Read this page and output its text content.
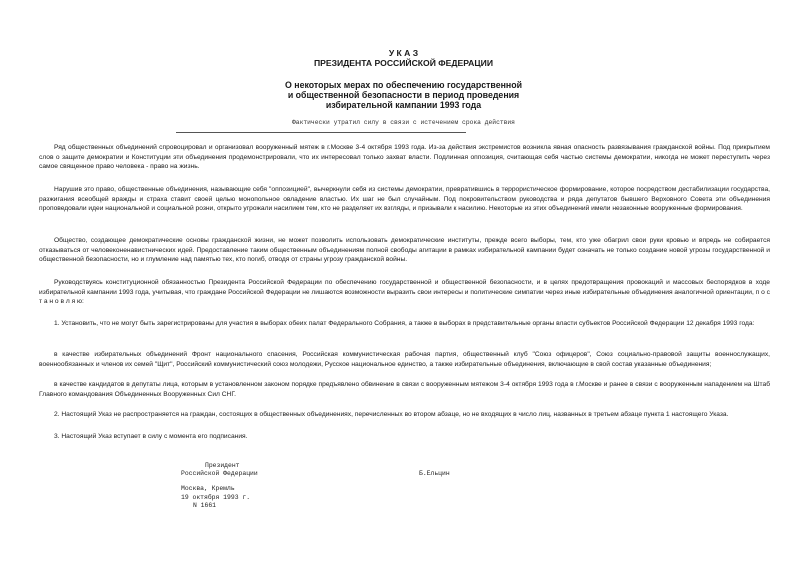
У К А З
ПРЕЗИДЕНТА РОССИЙСКОЙ ФЕДЕРАЦИИ
О некоторых мерах по обеспечению государственной
и общественной безопасности в период проведения
избирательной кампании 1993 года
Фактически утратил силу в связи с истечением срока действия

Ряд общественных объединений спровоцировал и организовал вооруженный мятеж в г.Москве 3-4 октября 1993 года. Из-за действия экстремистов возникла явная опасность развязывания гражданской войны. Под прикрытием слов о защите демократии и Конституции эти объединения продемонстрировали, что их интересовал только захват власти. Подлинная оппозиция, считающая себя частью системы демократии, никогда не может переступить через самое священное право человека - право на жизнь.

Нарушив это право, общественные объединения, называющие себя "оппозицией", вычеркнули себя из системы демократии, превратившись в террористическое формирование, которое посредством дестабилизации государства, разжигания всеобщей вражды и страха ставит своей целью монопольное овладение властью. Их шаг не был случайным. Под покровительством руководства и ряда депутатов бывшего Верховного Совета эти объединения проповедовали идеи национальной и социальной розни, открыто угрожали насилием тем, кто не разделяет их взгляды, и призывали к насилию. Некоторые из этих объединений имели незаконные вооруженные формирования.

Общество, создающее демократические основы гражданской жизни, не может позволить использовать демократические институты, прежде всего выборы, тем, кто уже обагрил свои руки кровью и впредь не собирается отказываться от человеконенавистнических идей. Предоставление таким общественным объединениям полной свободы агитации в рамках избирательной кампании будет означать не только создание новой угрозы государственной и общественной безопасности, но и глумление над памятью тех, кто погиб, отводя от страны угрозу гражданской войны.

Руководствуясь конституционной обязанностью Президента Российской Федерации по обеспечению государственной и общественной безопасности, и в целях предотвращения провокаций и массовых беспорядков в ходе избирательной кампании 1993 года, учитывая, что граждане Российской Федерации не лишаются возможности выразить свои интересы и политические симпатии через иные избирательные объединения аналогичной ориентации, п о с т а н о в л я ю:

1. Установить, что не могут быть зарегистрированы для участия в выборах обеих палат Федерального Собрания, а также в выборах в представительные органы власти субъектов Российской Федерации 12 декабря 1993 года:

в качестве избирательных объединений Фронт национального спасения, Российская коммунистическая рабочая партия, общественный клуб "Союз офицеров", Союз социально-правовой защиты военнослужащих, военнообязанных и членов их семей "Щит", Российский коммунистический союз молодежи, Русское национальное единство, а также избирательные объединения, включающие в свой состав указанные объединения;

в качестве кандидатов в депутаты лица, которым в установленном законом порядке предъявлено обвинение в связи с вооруженным мятежом 3-4 октября 1993 года в г.Москве и ранее в связи с вооруженным нападением на Штаб Главного командования Объединенных Вооруженных Сил СНГ.

2. Настоящий Указ не распространяется на граждан, состоящих в общественных объединениях, перечисленных во втором абзаце, но не входящих в число лиц, названных в третьем абзаце пункта 1 настоящего Указа.

3. Настоящий Указ вступает в силу с момента его подписания.

Президент
Российской Федерации	Б.Ельцин
Москва, Кремль
19 октября 1993 г.
N 1661
